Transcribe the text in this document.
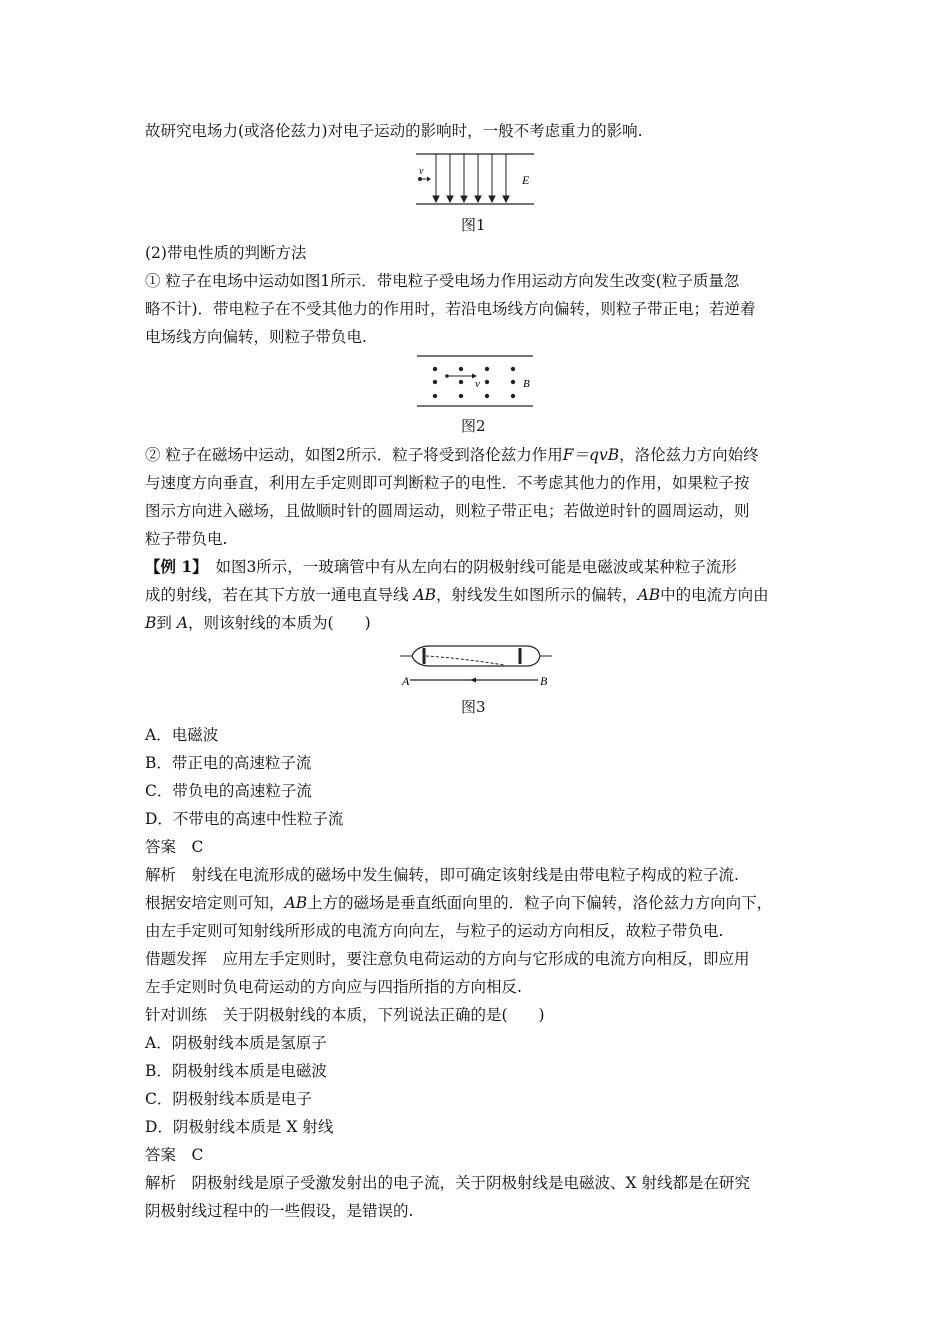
故研究电场力(或洛伦兹力)对电子运动的影响时，一般不考虑重力的影响.
v
E
图1
(2)带电性质的判断方法
① 粒子在电场中运动如图1所示．带电粒子受电场力作用运动方向发生改变(粒子质量忽
略不计)．带电粒子在不受其他力的作用时，若沿电场线方向偏转，则粒子带正电；若逆着
电场线方向偏转，则粒子带负电.
v	B
图2
② 粒子在磁场中运动，如图2所示．粒子将受到洛伦兹力作用F＝qvB，洛伦兹力方向始终
与速度方向垂直，利用左手定则即可判断粒子的电性．不考虑其他力的作用，如果粒子按
图示方向进入磁场，且做顺时针的圆周运动，则粒子带正电；若做逆时针的圆周运动，则
粒子带负电.
【例 1】　如图3所示，一玻璃管中有从左向右的阴极射线可能是电磁波或某种粒子流形
成的射线，若在其下方放一通电直导线 AB，射线发生如图所示的偏转，AB中的电流方向由
B到 A，则该射线的本质为(　　)
A	B
图3
A．电磁波
B．带正电的高速粒子流
C．带负电的高速粒子流
D．不带电的高速中性粒子流
答案　C
解析　射线在电流形成的磁场中发生偏转，即可确定该射线是由带电粒子构成的粒子流.
根据安培定则可知，AB上方的磁场是垂直纸面向里的．粒子向下偏转，洛伦兹力方向向下，
由左手定则可知射线所形成的电流方向向左，与粒子的运动方向相反，故粒子带负电.
借题发挥　应用左手定则时，要注意负电荷运动的方向与它形成的电流方向相反，即应用
左手定则时负电荷运动的方向应与四指所指的方向相反.
针对训练　关于阴极射线的本质，下列说法正确的是(　　)
A．阴极射线本质是氢原子
B．阴极射线本质是电磁波
C．阴极射线本质是电子
D．阴极射线本质是 X 射线
答案　C
解析　阴极射线是原子受激发射出的电子流，关于阴极射线是电磁波、X 射线都是在研究
阴极射线过程中的一些假设，是错误的.
